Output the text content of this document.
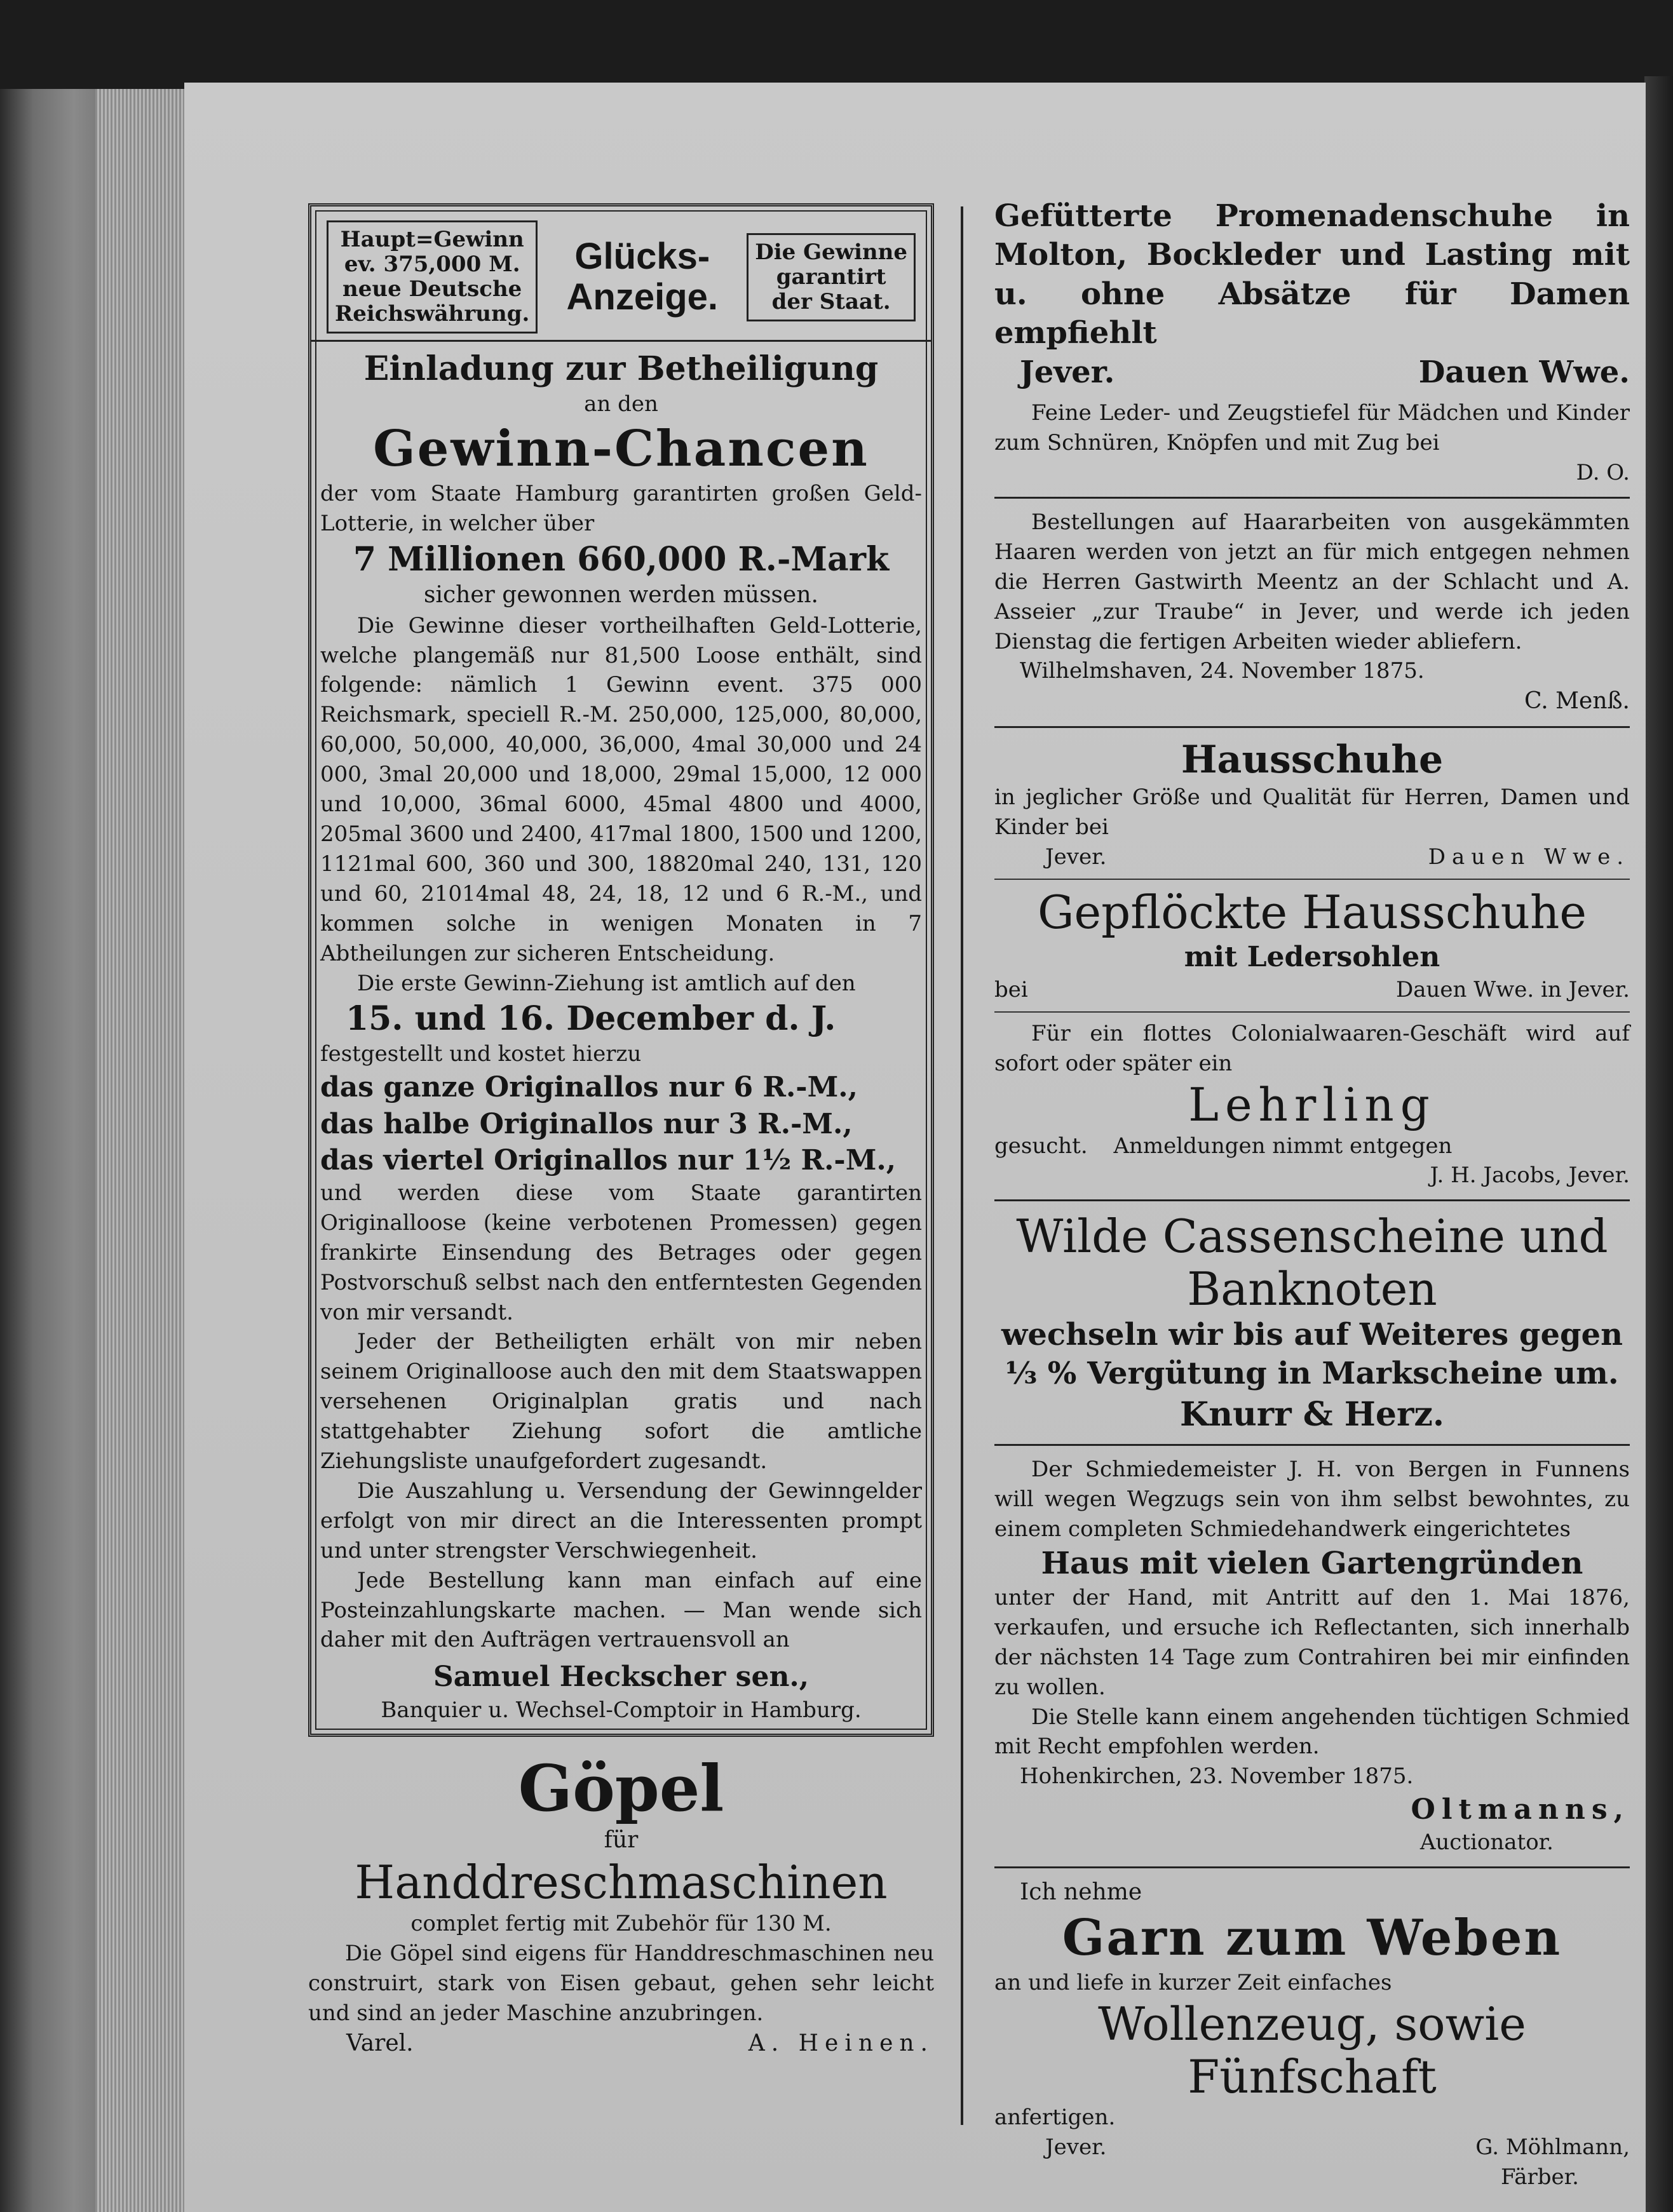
Haupt=Gewinn
ev. 375,000 M.
neue Deutsche
Reichswährung.
Glücks-
Anzeige.
Die Gewinne
garantirt
der Staat.

Einladung zur Betheiligung

an den

Gewinn-Chancen

der vom Staate Hamburg garantirten großen Geld-Lotterie, in welcher über

7 Millionen 660,000 R.-Mark

sicher gewonnen werden müssen.

Die Gewinne dieser vortheilhaften Geld-Lotterie, welche plangemäß nur 81,500 Loose enthält, sind folgende: nämlich 1 Gewinn event. 375 000 Reichsmark, speciell R.-M. 250,000, 125,000, 80,000, 60,000, 50,000, 40,000, 36,000, 4mal 30,000 und 24 000, 3mal 20,000 und 18,000, 29mal 15,000, 12 000 und 10,000, 36mal 6000, 45mal 4800 und 4000, 205mal 3600 und 2400, 417mal 1800, 1500 und 1200, 1121mal 600, 360 und 300, 18820mal 240, 131, 120 und 60, 21014mal 48, 24, 18, 12 und 6 R.-M., und kommen solche in wenigen Monaten in 7 Abtheilungen zur sicheren Entscheidung.

Die erste Gewinn-Ziehung ist amtlich auf den

15. und 16. December d. J.

festgestellt und kostet hierzu

das ganze Originallos nur 6 R.-M.,

das halbe Originallos nur 3 R.-M.,

das viertel Originallos nur 1½ R.-M.,

und werden diese vom Staate garantirten Originalloose (keine verbotenen Promessen) gegen frankirte Einsendung des Betrages oder gegen Postvorschuß selbst nach den entferntesten Gegenden von mir versandt.

Jeder der Betheiligten erhält von mir neben seinem Originalloose auch den mit dem Staatswappen versehenen Originalplan gratis und nach stattgehabter Ziehung sofort die amtliche Ziehungsliste unaufgefordert zugesandt.

Die Auszahlung u. Versendung der Gewinngelder erfolgt von mir direct an die Interessenten prompt und unter strengster Verschwiegenheit.

Jede Bestellung kann man einfach auf eine Posteinzahlungskarte machen. — Man wende sich daher mit den Aufträgen vertrauensvoll an

Samuel Heckscher sen.,

Banquier u. Wechsel-Comptoir in Hamburg.

Göpel

für

Handdreschmaschinen

complet fertig mit Zubehör für 130 M.

Die Göpel sind eigens für Handdreschmaschinen neu construirt, stark von Eisen gebaut, gehen sehr leicht und sind an jeder Maschine anzubringen.

Varel.	A. Heinen.

Gefütterte Promenadenschuhe in Molton, Bockleder und Lasting mit u. ohne Absätze für Damen empfiehlt

Jever.	Dauen Wwe.

Feine Leder- und Zeugstiefel für Mädchen und Kinder zum Schnüren, Knöpfen und mit Zug bei

D. O.

Bestellungen auf Haararbeiten von ausgekämmten Haaren werden von jetzt an für mich entgegen nehmen die Herren Gastwirth Meentz an der Schlacht und A. Asseier „zur Traube“ in Jever, und werde ich jeden Dienstag die fertigen Arbeiten wieder abliefern.

Wilhelmshaven, 24. November 1875.

C. Menß.

Hausschuhe

in jeglicher Größe und Qualität für Herren, Damen und Kinder bei

Jever.	Dauen Wwe.

Gepflöckte Hausschuhe

mit Ledersohlen

bei	Dauen Wwe. in Jever.

Für ein flottes Colonialwaaren-Geschäft wird auf sofort oder später ein

Lehrling

gesucht. Anmeldungen nimmt entgegen

J. H. Jacobs, Jever.

Wilde Cassenscheine und

Banknoten

wechseln wir bis auf Weiteres gegen

⅓ % Vergütung in Markscheine um.

Knurr & Herz.

Der Schmiedemeister J. H. von Bergen in Funnens will wegen Wegzugs sein von ihm selbst bewohntes, zu einem completen Schmiedehandwerk eingerichtetes

Haus mit vielen Gartengründen

unter der Hand, mit Antritt auf den 1. Mai 1876, verkaufen, und ersuche ich Reflectanten, sich innerhalb der nächsten 14 Tage zum Contrahiren bei mir einfinden zu wollen.

Die Stelle kann einem angehenden tüchtigen Schmied mit Recht empfohlen werden.

Hohenkirchen, 23. November 1875.

Oltmanns,

Auctionator.

Ich nehme

Garn zum Weben

an und liefe in kurzer Zeit einfaches

Wollenzeug, sowie Fünfschaft

anfertigen.

Jever.	G. Möhlmann,

Färber.
